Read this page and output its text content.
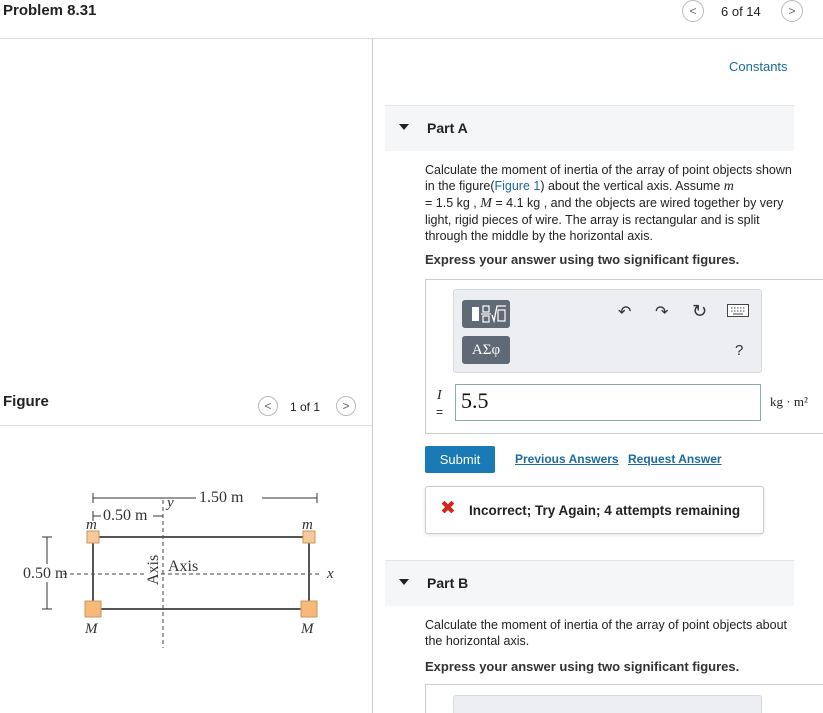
Problem 8.31	<	6 of 14	>
Figure	<	1 of 1	>
1.50 m
0.50 m
y
x
m	m
M	M
0.50 m	Axis
Axis
Constants
Part A
Calculate the moment of inertia of the array of point objects shown in the figure(Figure 1) about the vertical axis. Assume m
= 1.5 kg , M = 4.1 kg , and the objects are wired together by very light, rigid pieces of wire. The array is rectangular and is split through the middle by the horizontal axis.
Express your answer using two significant figures.
ΑΣφ
↶ ↷ ↻
?
I
= 5.5	kg · m²
Submit	Previous Answers Request Answer
✖ Incorrect; Try Again; 4 attempts remaining
Part B
Calculate the moment of inertia of the array of point objects about the horizontal axis.
Express your answer using two significant figures.
